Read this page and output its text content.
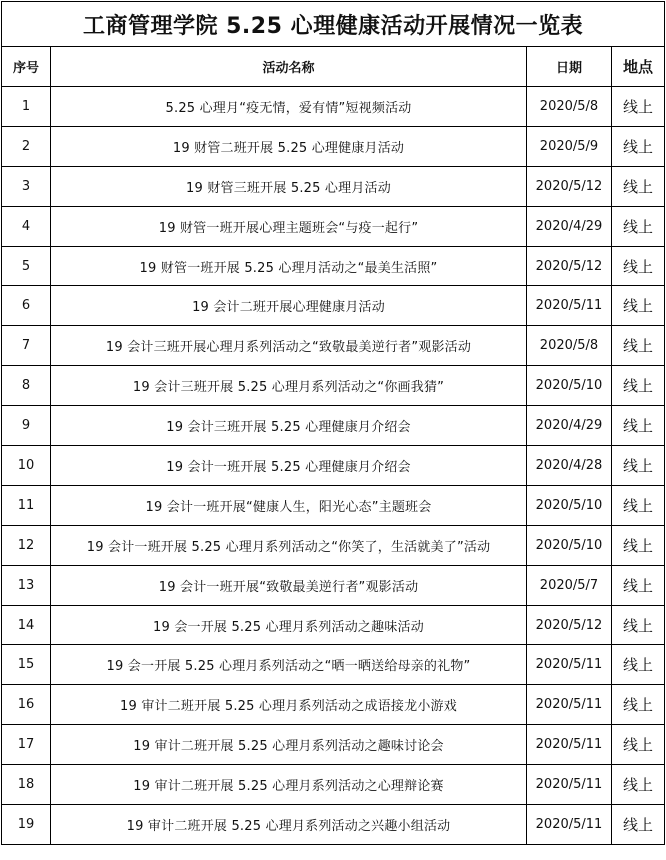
工商管理学院 5.25 心理健康活动开展情况一览表			
序号	活动名称	日期	地点
1	5.25 心理月“疫无情，爱有情”短视频活动	2020/5/8	线上
2	19 财管二班开展 5.25 心理健康月活动	2020/5/9	线上
3	19 财管三班开展 5.25 心理月活动	2020/5/12	线上
4	19 财管一班开展心理主题班会“与疫一起行”	2020/4/29	线上
5	19 财管一班开展 5.25 心理月活动之“最美生活照”	2020/5/12	线上
6	19 会计二班开展心理健康月活动	2020/5/11	线上
7	19 会计三班开展心理月系列活动之“致敬最美逆行者”观影活动	2020/5/8	线上
8	19 会计三班开展 5.25 心理月系列活动之“你画我猜”	2020/5/10	线上
9	19 会计三班开展 5.25 心理健康月介绍会	2020/4/29	线上
10	19 会计一班开展 5.25 心理健康月介绍会	2020/4/28	线上
11	19 会计一班开展“健康人生，阳光心态”主题班会	2020/5/10	线上
12	19 会计一班开展 5.25 心理月系列活动之“你笑了，生活就美了”活动	2020/5/10	线上
13	19 会计一班开展“致敬最美逆行者”观影活动	2020/5/7	线上
14	19 会一开展 5.25 心理月系列活动之趣味活动	2020/5/12	线上
15	19 会一开展 5.25 心理月系列活动之“晒一晒送给母亲的礼物”	2020/5/11	线上
16	19 审计二班开展 5.25 心理月系列活动之成语接龙小游戏	2020/5/11	线上
17	19 审计二班开展 5.25 心理月系列活动之趣味讨论会	2020/5/11	线上
18	19 审计二班开展 5.25 心理月系列活动之心理辩论赛	2020/5/11	线上
19	19 审计二班开展 5.25 心理月系列活动之兴趣小组活动	2020/5/11	线上
